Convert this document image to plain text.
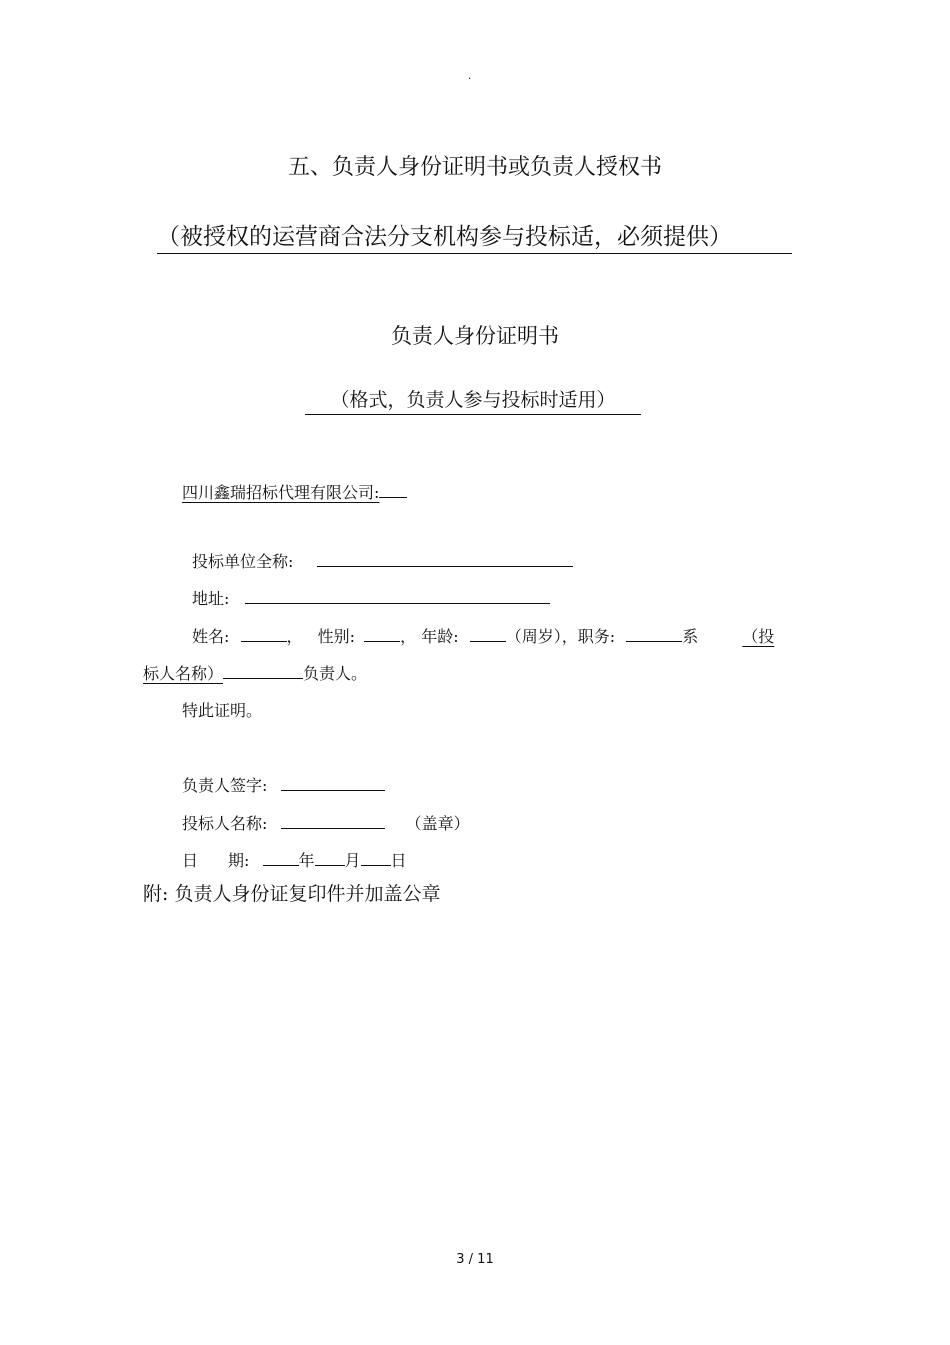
·
五、负责人身份证明书或负责人授权书
（被授权的运营商合法分支机构参与投标适，必须提供）
负责人身份证明书
（格式，负责人参与投标时适用）
四川鑫瑞招标代理有限公司:
投标单位全称:
地址:
姓名:	， 性别:	， 年龄:	（周岁），职务:	系	（投
标人名称）	负责人。
特此证明。
负责人签字:
投标人名称:	（盖章）
日 期:	年 月 日
附: 负责人身份证复印件并加盖公章
3 / 11
